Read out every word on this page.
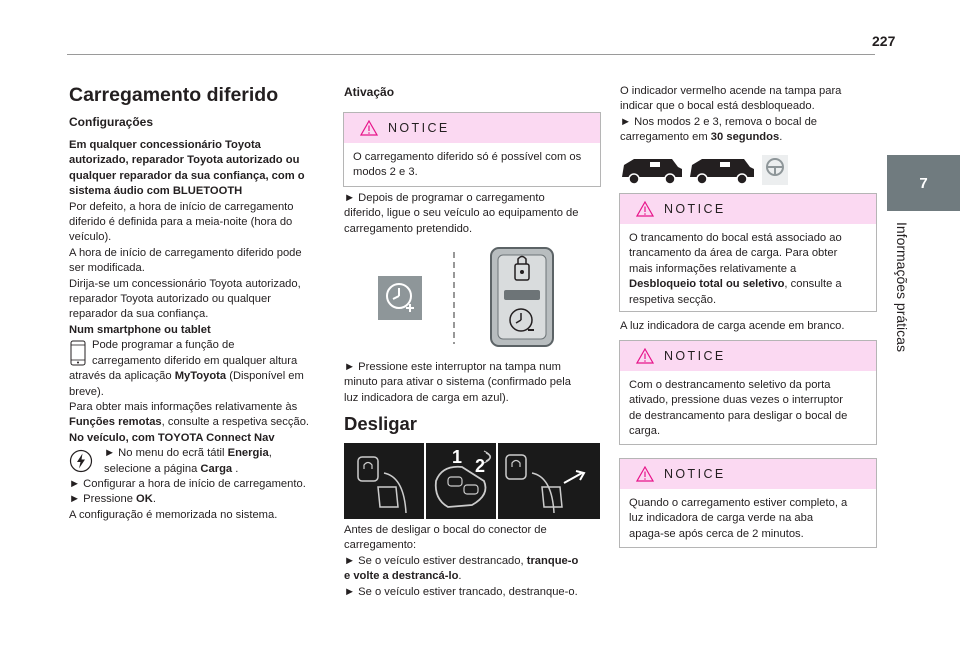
227
7
Informações práticas
Carregamento diferido
Configurações
Em qualquer concessionário Toyota
autorizado, reparador Toyota autorizado ou
qualquer reparador da sua confiança, com o
sistema áudio com BLUETOOTH
Por defeito, a hora de início de carregamento
diferido é definida para a meia-noite (hora do
veículo).
A hora de início de carregamento diferido pode
ser modificada.
Dirija-se um concessionário Toyota autorizado,
reparador Toyota autorizado ou qualquer
reparador da sua confiança.
Num smartphone ou tablet
Pode programar a função de
carregamento diferido em qualquer altura
através da aplicação MyToyota (Disponível em
breve).
Para obter mais informações relativamente às
Funções remotas, consulte a respetiva secção.
No veículo, com TOYOTA Connect Nav
► No menu do ecrã tátil Energia,
selecione a página Carga .
► Configurar a hora de início de carregamento.
► Pressione OK.
A configuração é memorizada no sistema.
Ativação
NOTICE
O carregamento diferido só é possível com os
modos 2 e 3.
► Depois de programar o carregamento
diferido, ligue o seu veículo ao equipamento de
carregamento pretendido.
► Pressione este interruptor na tampa num
minuto para ativar o sistema (confirmado pela
luz indicadora de carga em azul).
Desligar
1 2
Antes de desligar o bocal do conector de
carregamento:
► Se o veículo estiver destrancado, tranque-o
e volte a destrancá-lo.
► Se o veículo estiver trancado, destranque-o.
O indicador vermelho acende na tampa para
indicar que o bocal está desbloqueado.
► Nos modos 2 e 3, remova o bocal de
carregamento em 30 segundos.
NOTICE
O trancamento do bocal está associado ao
trancamento da área de carga. Para obter
mais informações relativamente a
Desbloqueio total ou seletivo, consulte a
respetiva secção.
A luz indicadora de carga acende em branco.
NOTICE
Com o destrancamento seletivo da porta
ativado, pressione duas vezes o interruptor
de destrancamento para desligar o bocal de
carga.
NOTICE
Quando o carregamento estiver completo, a
luz indicadora de carga verde na aba
apaga-se após cerca de 2 minutos.
